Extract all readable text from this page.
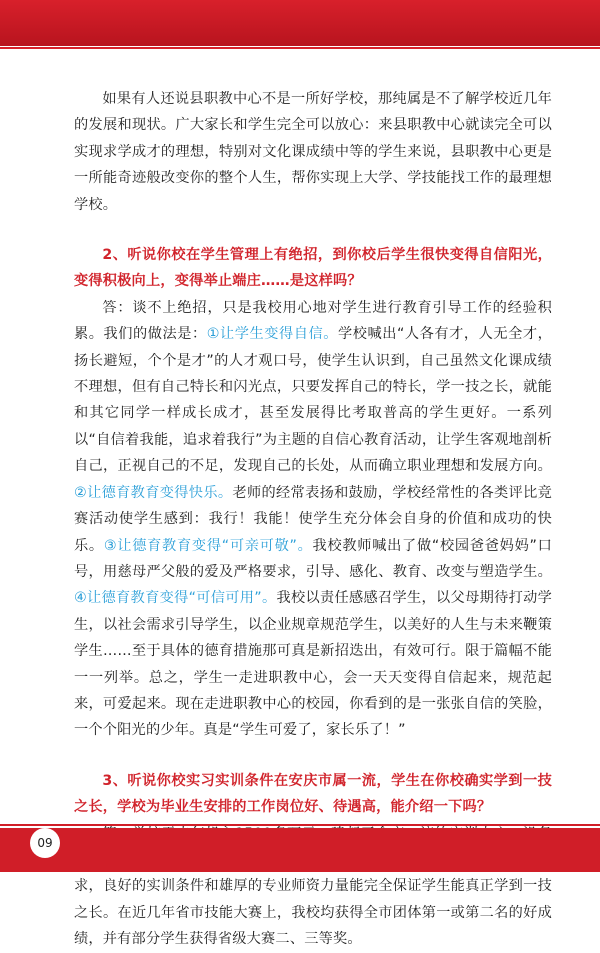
如果有人还说县职教中心不是一所好学校，那纯属是不了解学校近几年的发展和现状。广大家长和学生完全可以放心：来县职教中心就读完全可以实现求学成才的理想，特别对文化课成绩中等的学生来说，县职教中心更是一所能奇迹般改变你的整个人生，帮你实现上大学、学技能找工作的最理想学校。

2、听说你校在学生管理上有绝招，到你校后学生很快变得自信阳光，变得积极向上，变得举止端庄……是这样吗？

答：谈不上绝招，只是我校用心地对学生进行教育引导工作的经验积累。我们的做法是：①让学生变得自信。学校喊出“人各有才，人无全才，扬长避短，个个是才”的人才观口号，使学生认识到，自己虽然文化课成绩不理想，但有自己特长和闪光点，只要发挥自己的特长，学一技之长，就能和其它同学一样成长成才，甚至发展得比考取普高的学生更好。一系列以“自信着我能，追求着我行”为主题的自信心教育活动，让学生客观地剖析自己，正视自己的不足，发现自己的长处，从而确立职业理想和发展方向。②让德育教育变得快乐。老师的经常表扬和鼓励，学校经常性的各类评比竞赛活动使学生感到：我行！我能！使学生充分体会自身的价值和成功的快乐。③让德育教育变得“可亲可敬”。我校教师喊出了做“校园爸爸妈妈”口号，用慈母严父般的爱及严格要求，引导、感化、教育、改变与塑造学生。④让德育教育变得“可信可用”。我校以责任感感召学生，以父母期待打动学生，以社会需求引导学生，以企业规章规范学生，以美好的人生与未来鞭策学生……至于具体的德育措施那可真是新招迭出，有效可行。限于篇幅不能一一列举。总之，学生一走进职教中心，会一天天变得自信起来，规范起来，可爱起来。现在走进职教中心的校园，你看到的是一张张自信的笑脸，一个个阳光的少年。真是“学生可爱了，家长乐了！”

3、听说你校实习实训条件在安庆市属一流，学生在你校确实学到一技之长，学校为毕业生安排的工作岗位好、待遇高，能介绍一下吗？

求，良好的实训条件和雄厚的专业师资力量能完全保证学生能真正学到一技之长。在近几年省市技能大赛上，我校均获得全市团体第一或第二名的好成绩，并有部分学生获得省级大赛二、三等奖。

09
